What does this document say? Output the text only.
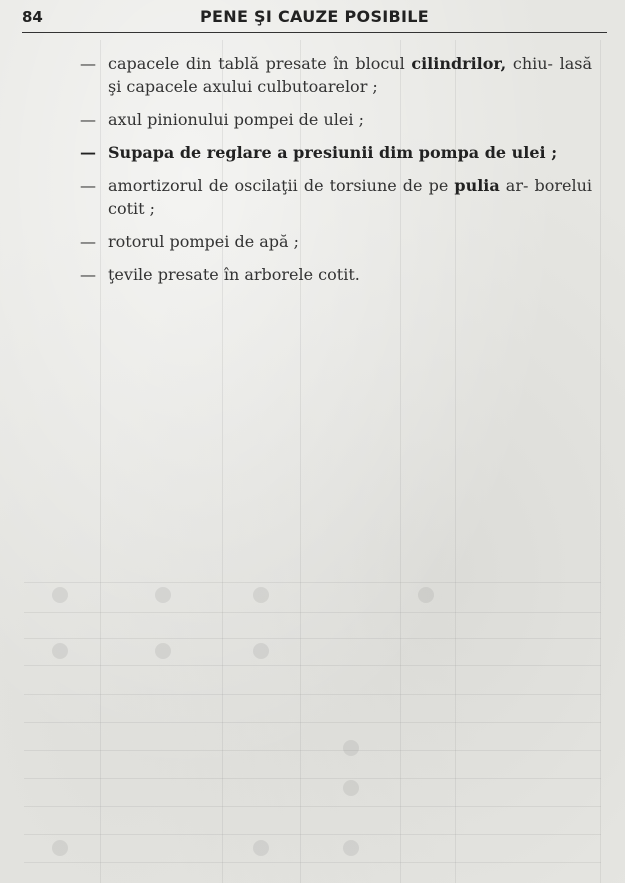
84	PENE ŞI CAUZE POSIBILE
— capacele din tablă presate în blocul cilindrilor, chiu- lasă şi capacele axului culbutoarelor ;
— axul pinionului pompei de ulei ;
— Supapa de reglare a presiunii dim pompa de ulei ;
— amortizorul de oscilaţii de torsiune de pe pulia ar- borelui cotit ;
— rotorul pompei de apă ;
— ţevile presate în arborele cotit.
